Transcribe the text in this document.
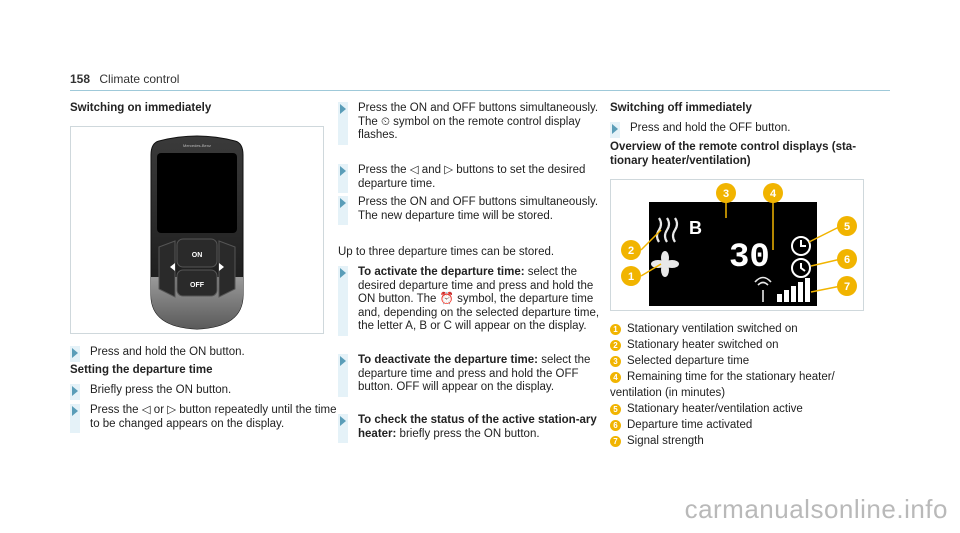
158 Climate control
Switching on immediately
Mercedes-Benz
ON
OFF
Press and hold the ON button.
Setting the departure time
Briefly press the ON button.
Press the ◁ or ▷ button repeatedly until the time to be changed appears on the display.
Press the ON and OFF buttons simultaneously. The ⏲ symbol on the remote control display flashes.
Press the ◁ and ▷ buttons to set the desired departure time.
Press the ON and OFF buttons simultaneously. The new departure time will be stored.
Up to three departure times can be stored.
To activate the departure time: select the desired departure time and press and hold the ON button. The ⏰ symbol, the departure time and, depending on the selected departure time, the letter A, B or C will appear on the display.
To deactivate the departure time: select the departure time and press and hold the OFF button. OFF will appear on the display.
To check the status of the active station-ary heater: briefly press the ON button.
Switching off immediately
Press and hold the OFF button.
Overview of the remote control displays (sta-tionary heater/ventilation)
B
30
3	4
2
1
5
6
7
1 Stationary ventilation switched on
2 Stationary heater switched on
3 Selected departure time
4 Remaining time for the stationary heater/ ventilation (in minutes)
5 Stationary heater/ventilation active
6 Departure time activated
7 Signal strength
carmanualsonline.info
